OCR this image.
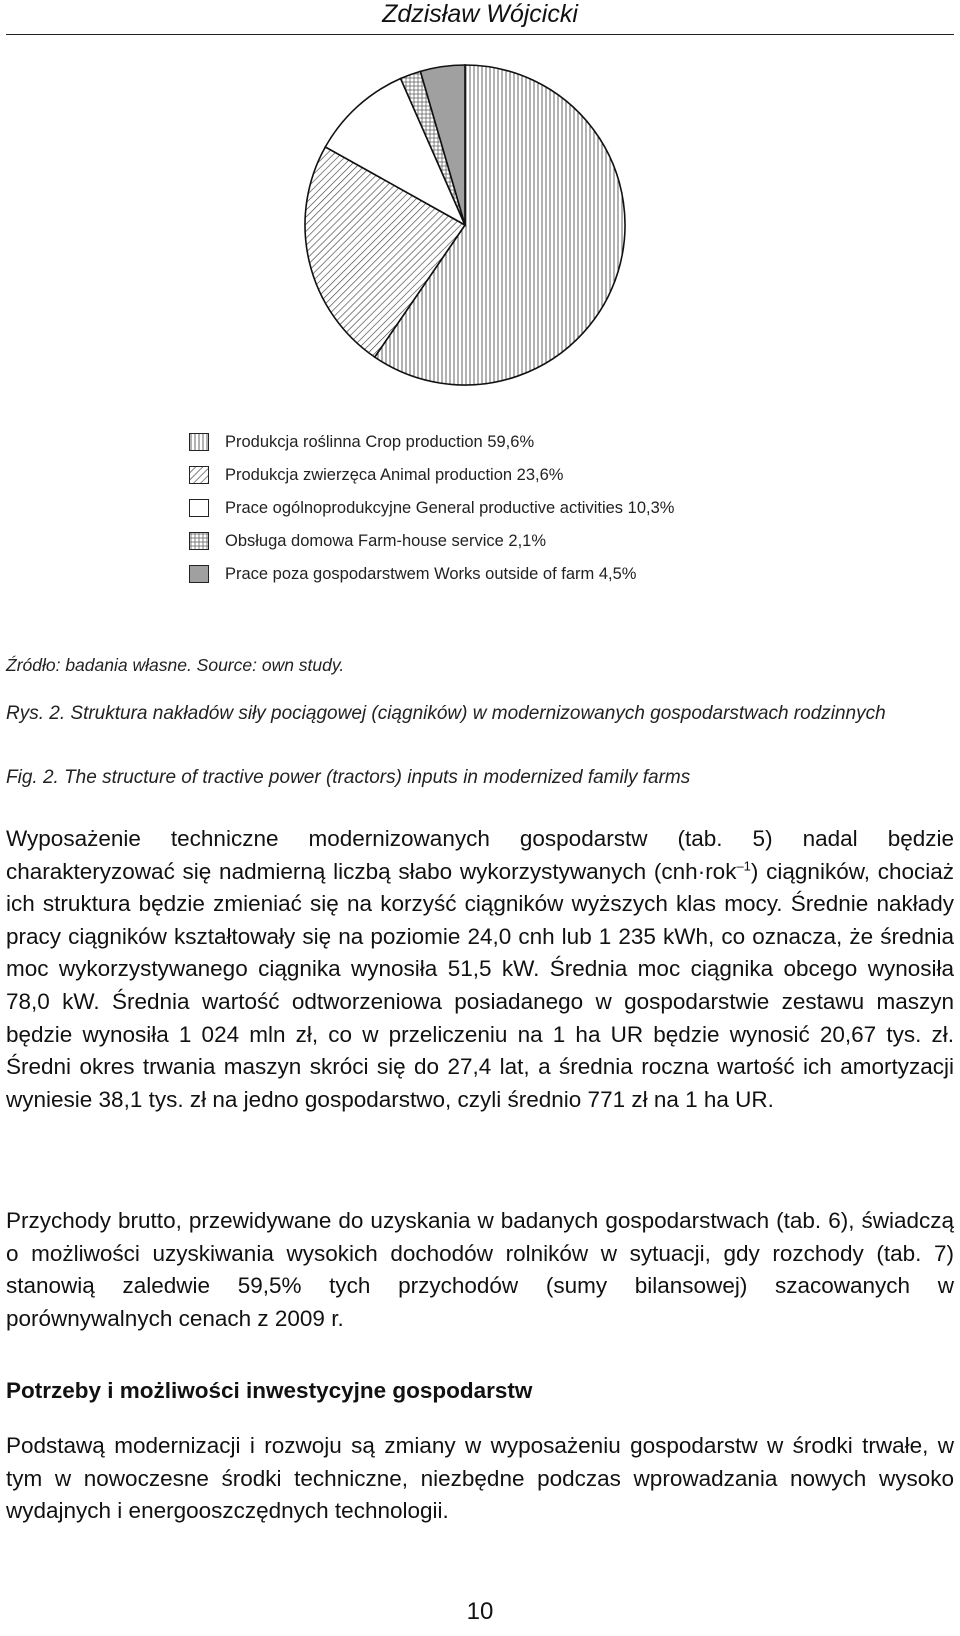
Zdzisław Wójcicki
Produkcja roślinna Crop production 59,6%
Produkcja zwierzęca Animal production 23,6%
Prace ogólnoprodukcyjne General productive activities 10,3%
Obsługa domowa Farm-house service 2,1%
Prace poza gospodarstwem Works outside of farm 4,5%
Źródło: badania własne. Source: own study.
Rys. 2. Struktura nakładów siły pociągowej (ciągników) w modernizowanych gospodarstwach rodzinnych
Fig. 2. The structure of tractive power (tractors) inputs in modernized family farms

Wyposażenie techniczne modernizowanych gospodarstw (tab. 5) nadal będzie charakteryzować się nadmierną liczbą słabo wykorzystywanych (cnh·rok$^{-1}$) ciągników, chociaż ich struktura będzie zmieniać się na korzyść ciągników wyższych klas mocy. Średnie nakłady pracy ciągników kształtowały się na poziomie 24,0 cnh lub 1 235 kWh, co oznacza, że średnia moc wykorzystywanego ciągnika wynosiła 51,5 kW. Średnia moc ciągnika obcego wynosiła 78,0 kW. Średnia wartość odtworzeniowa posiadanego w gospodarstwie zestawu maszyn będzie wynosiła 1 024 mln zł, co w przeliczeniu na 1 ha UR będzie wynosić 20,67 tys. zł. Średni okres trwania maszyn skróci się do 27,4 lat, a średnia roczna wartość ich amortyzacji wyniesie 38,1 tys. zł na jedno gospodarstwo, czyli średnio 771 zł na 1 ha UR.

Przychody brutto, przewidywane do uzyskania w badanych gospodarstwach (tab. 6), świadczą o możliwości uzyskiwania wysokich dochodów rolników w sytuacji, gdy rozchody (tab. 7) stanowią zaledwie 59,5% tych przychodów (sumy bilansowej) szacowanych w porównywalnych cenach z 2009 r.

Potrzeby i możliwości inwestycyjne gospodarstw

Podstawą modernizacji i rozwoju są zmiany w wyposażeniu gospodarstw w środki trwałe, w tym w nowoczesne środki techniczne, niezbędne podczas wprowadzania nowych wysoko wydajnych i energooszczędnych technologii.

10
